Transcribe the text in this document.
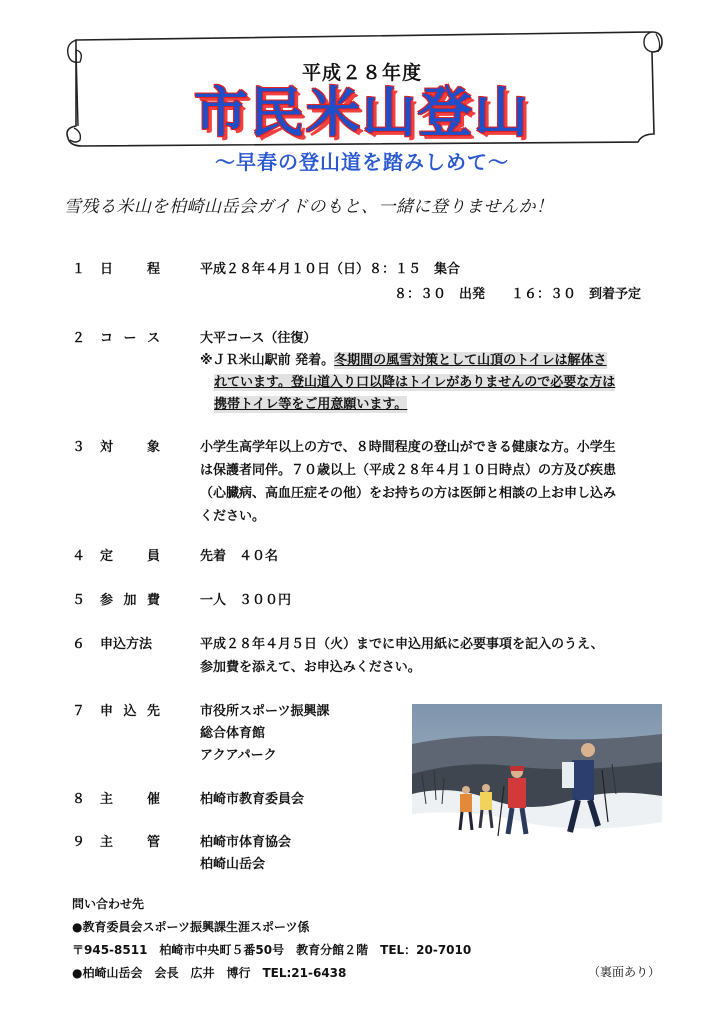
平成２８年度
市民米山登山
～早春の登山道を踏みしめて～
雪残る米山を柏崎山岳会ガイドのもと、一緒に登りませんか！
１ 日	程	平成２８年４月１０日（日）８：１５　集合
８：３０　出発　　１６：３０　到着予定
２ コ ー ス	大平コース（往復）
※ＪＲ米山駅前 発着。冬期間の風雪対策として山頂のトイレは解体さ
れています。登山道入り口以降はトイレがありませんので必要な方は
携帯トイレ等をご用意願います。
３ 対	象	小学生高学年以上の方で、８時間程度の登山ができる健康な方。小学生
は保護者同伴。７０歳以上（平成２８年４月１０日時点）の方及び疾患
（心臓病、高血圧症その他）をお持ちの方は医師と相談の上お申し込み
ください。
４ 定	員	先着　４０名
５ 参 加 費	一人　３００円
６ 申込方法	平成２８年４月５日（火）までに申込用紙に必要事項を記入のうえ、
参加費を添えて、お申込みください。
７ 申 込 先	市役所スポーツ振興課
総合体育館
アクアパーク
８ 主	催	柏崎市教育委員会
９ 主	管	柏崎市体育協会
柏崎山岳会
問い合わせ先
●教育委員会スポーツ振興課生涯スポーツ係
〒945-8511　柏崎市中央町５番50号　教育分館２階　TEL：20-7010
●柏崎山岳会　会長　広井　博行　TEL:21-6438	（裏面あり）
